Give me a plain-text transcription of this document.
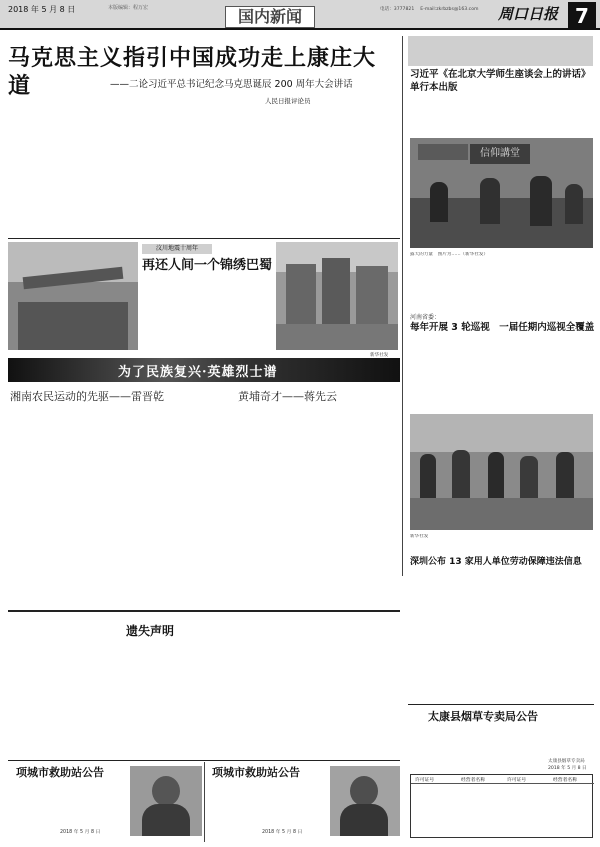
2018 年 5 月 8 日	本版编辑：程万宏	国内新闻	电话：3777821 　E-mail:zkrbzbs@163.com 周口日报 7
马克思主义指引中国成功走上康庄大道	——二论习近平总书记纪念马克思诞辰 200 周年大会讲话
人民日报评论员
习近平《在北京大学师生座谈会上的讲话》单行本出版
信仰講堂
露天的力量　图片为……（新华社发）
汶川地震十周年
再还人间一个锦绣巴蜀
新华社发
为了民族复兴·英雄烈士谱
湘南农民运动的先驱——雷晋乾	黄埔奇才——蒋先云
河南省委：
每年开展 3 轮巡视　一届任期内巡视全覆盖
新华社发
深圳公布 13 家用人单位劳动保障违法信息
遗失声明
项城市救助站公告
2018 年 5 月 8 日
项城市救助站公告
2018 年 5 月 8 日
太康县烟草专卖局公告
太康县烟草专卖局
2018 年 5 月 8 日
许可证号	经营者名称	许可证号	经营者名称
